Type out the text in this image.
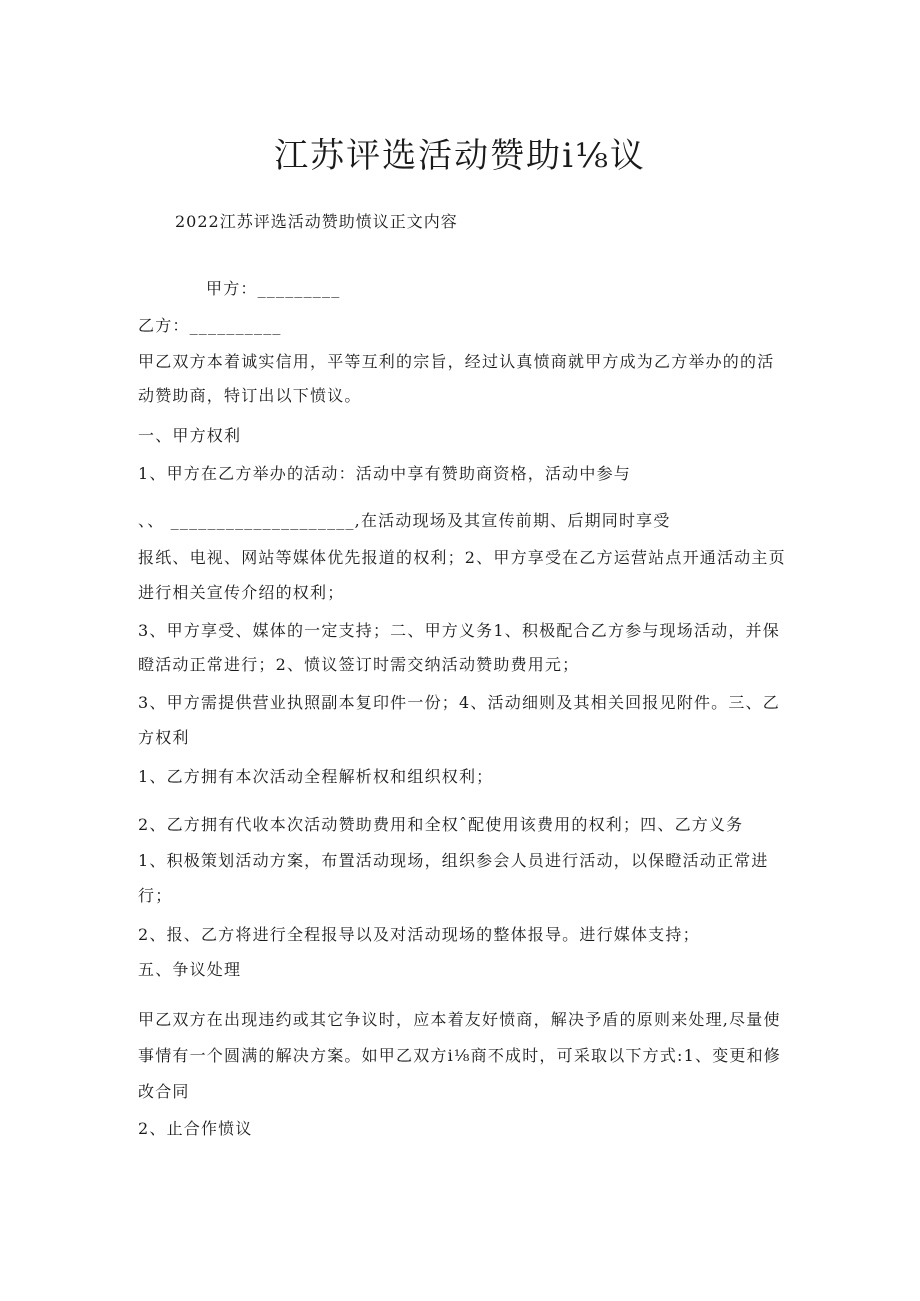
江苏评选活动赞助i⅛议

2022江苏评选活动赞助愤议正文内容

甲方：_________

乙方：__________

甲乙双方本着诚实信用，平等互利的宗旨，经过认真愤商就甲方成为乙方举办的的活

动赞助商，特订出以下愤议。

一、甲方权利

1、甲方在乙方举办的活动：活动中享有赞助商资格，活动中参与

、、 ____________________,在活动现场及其宣传前期、后期同时享受

报纸、电视、网站等媒体优先报道的权利；2、甲方享受在乙方运营站点开通活动主页

进行相关宣传介绍的权利；

3、甲方享受、媒体的一定支持；二、甲方义务1、积极配合乙方参与现场活动，并保

瞪活动正常进行；2、愤议签订时需交纳活动赞助费用元；

3、甲方需提供营业执照副本复印件一份；4、活动细则及其相关回报见附件。三、乙

方权利

1、乙方拥有本次活动全程解析权和组织权利；

2、乙方拥有代收本次活动赞助费用和全权ˆ配使用该费用的权利；四、乙方义务

1、积极策划活动方案，布置活动现场，组织参会人员进行活动，以保瞪活动正常进

行；

2、报、乙方将进行全程报导以及对活动现场的整体报导。进行媒体支持；

五、争议处理

甲乙双方在出现违约或其它争议时，应本着友好愤商，解决予盾的原则来处理,尽量使

事情有一个圆满的解决方案。如甲乙双方i⅛商不成时，可采取以下方式:1、变更和修

改合同

2、止合作愤议
